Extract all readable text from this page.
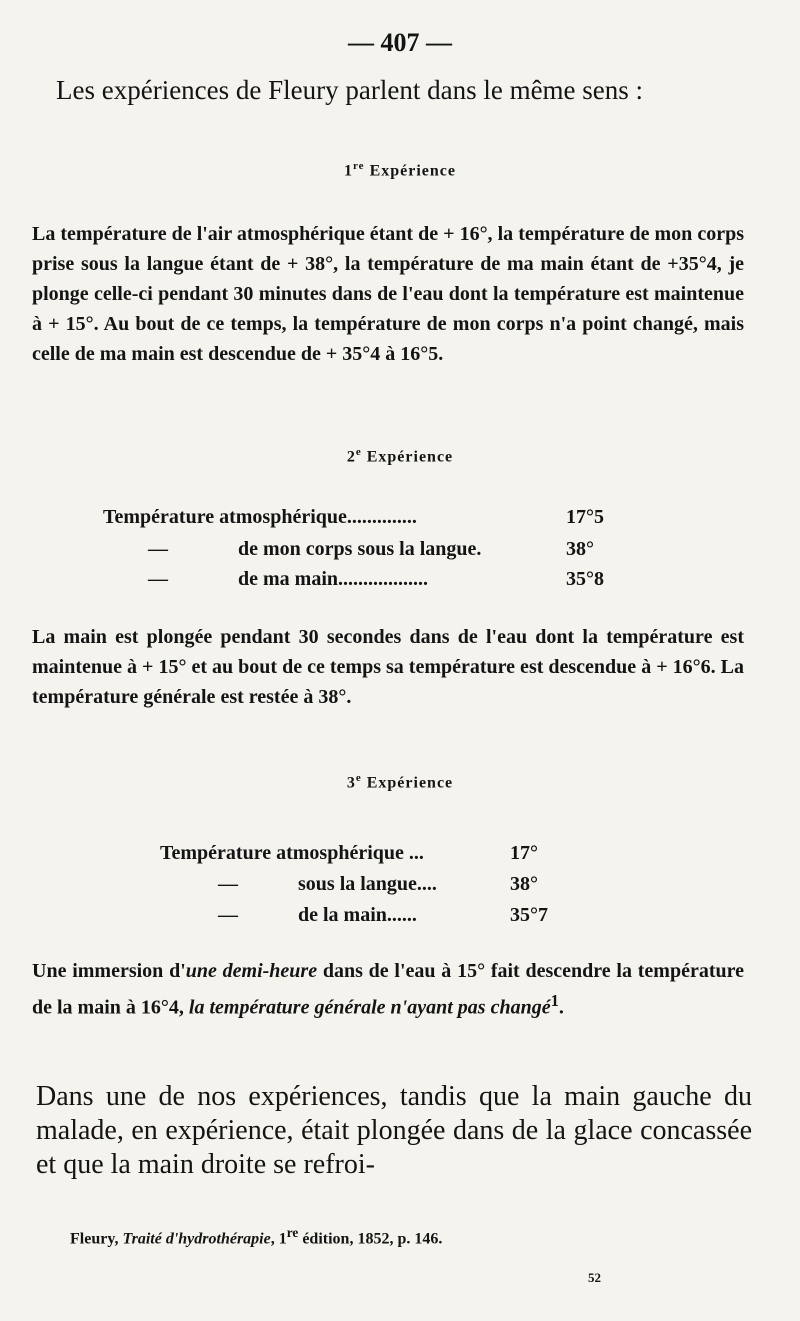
— 407 —
Les expériences de Fleury parlent dans le même sens :
1re Expérience
La température de l'air atmosphérique étant de + 16°, la température de mon corps prise sous la langue étant de + 38°, la température de ma main étant de +35°4, je plonge celle-ci pendant 30 minutes dans de l'eau dont la température est maintenue à + 15°. Au bout de ce temps, la température de mon corps n'a point changé, mais celle de ma main est descendue de + 35°4 à 16°5.
2e Expérience
Température atmosphérique..............	17°5
—	de mon corps sous la langue.	38°
—	de ma main..................	35°8
La main est plongée pendant 30 secondes dans de l'eau dont la température est maintenue à + 15° et au bout de ce temps sa température est descendue à + 16°6. La température générale est restée à 38°.
3e Expérience
Température atmosphérique ...	17°
—	sous la langue....	38°
—	de la main......	35°7
Une immersion d'une demi-heure dans de l'eau à 15° fait descendre la température de la main à 16°4, la température générale n'ayant pas changé$^1$.
Dans une de nos expériences, tandis que la main gauche du malade, en expérience, était plongée dans de la glace concassée et que la main droite se refroi-
Fleury, Traité d'hydrothérapie, 1re édition, 1852, p. 146.
52
